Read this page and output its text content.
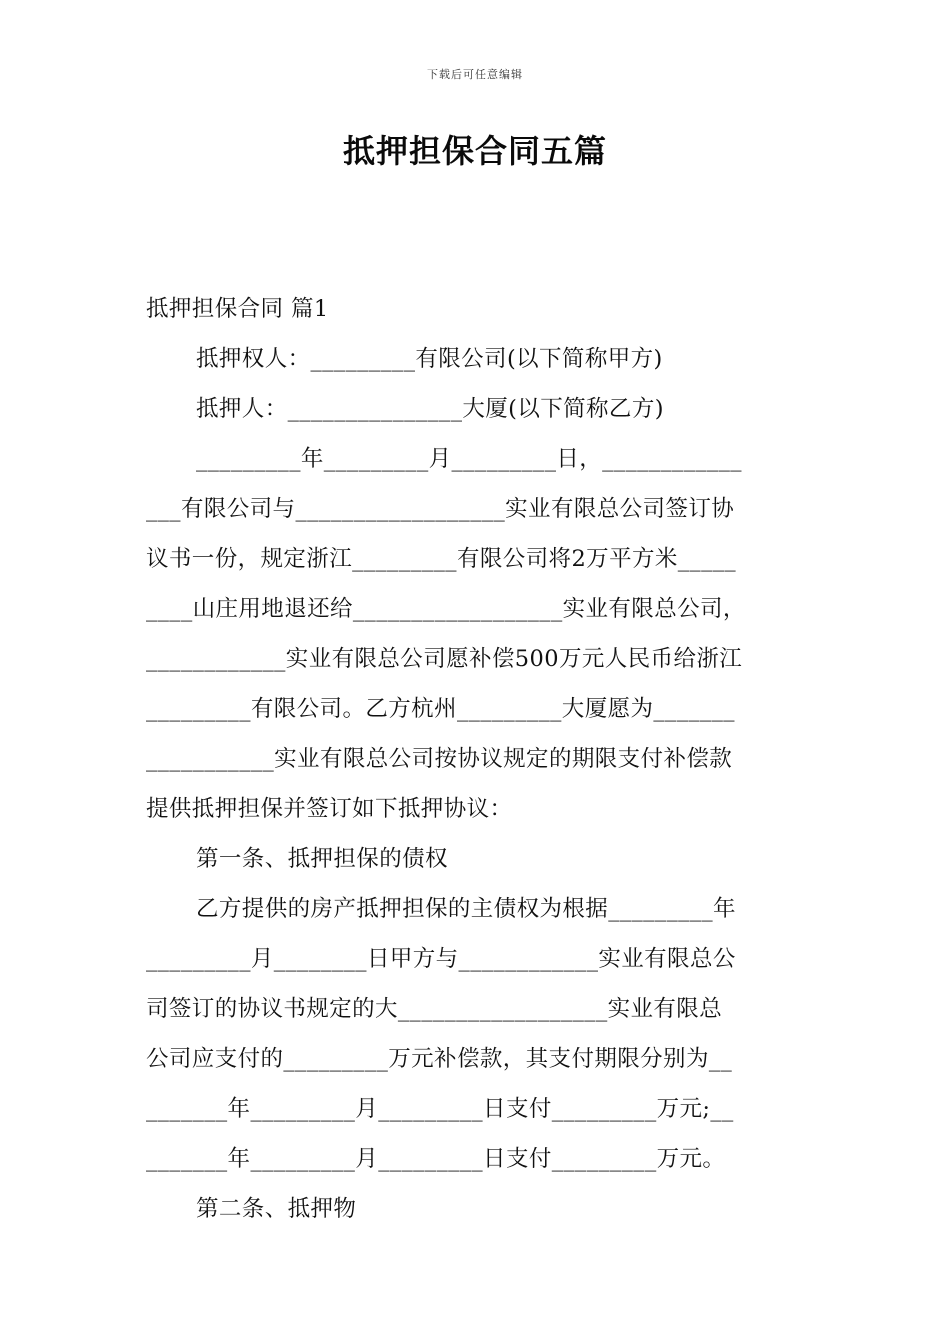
下载后可任意编辑
抵押担保合同五篇
抵押担保合同 篇1
抵押权人：_________有限公司(以下简称甲方)
抵押人：_______________大厦(以下简称乙方)
_________年_________月_________日，____________
___有限公司与__________________实业有限总公司签订协
议书一份，规定浙江_________有限公司将2万平方米_____
____山庄用地退还给__________________实业有限总公司，
____________实业有限总公司愿补偿500万元人民币给浙江
_________有限公司。乙方杭州_________大厦愿为_______
___________实业有限总公司按协议规定的期限支付补偿款
提供抵押担保并签订如下抵押协议：
第一条、抵押担保的债权
乙方提供的房产抵押担保的主债权为根据_________年
_________月________日甲方与____________实业有限总公
司签订的协议书规定的大__________________实业有限总
公司应支付的_________万元补偿款，其支付期限分别为__
_______年_________月_________日支付_________万元;__
_______年_________月_________日支付_________万元。
第二条、抵押物
